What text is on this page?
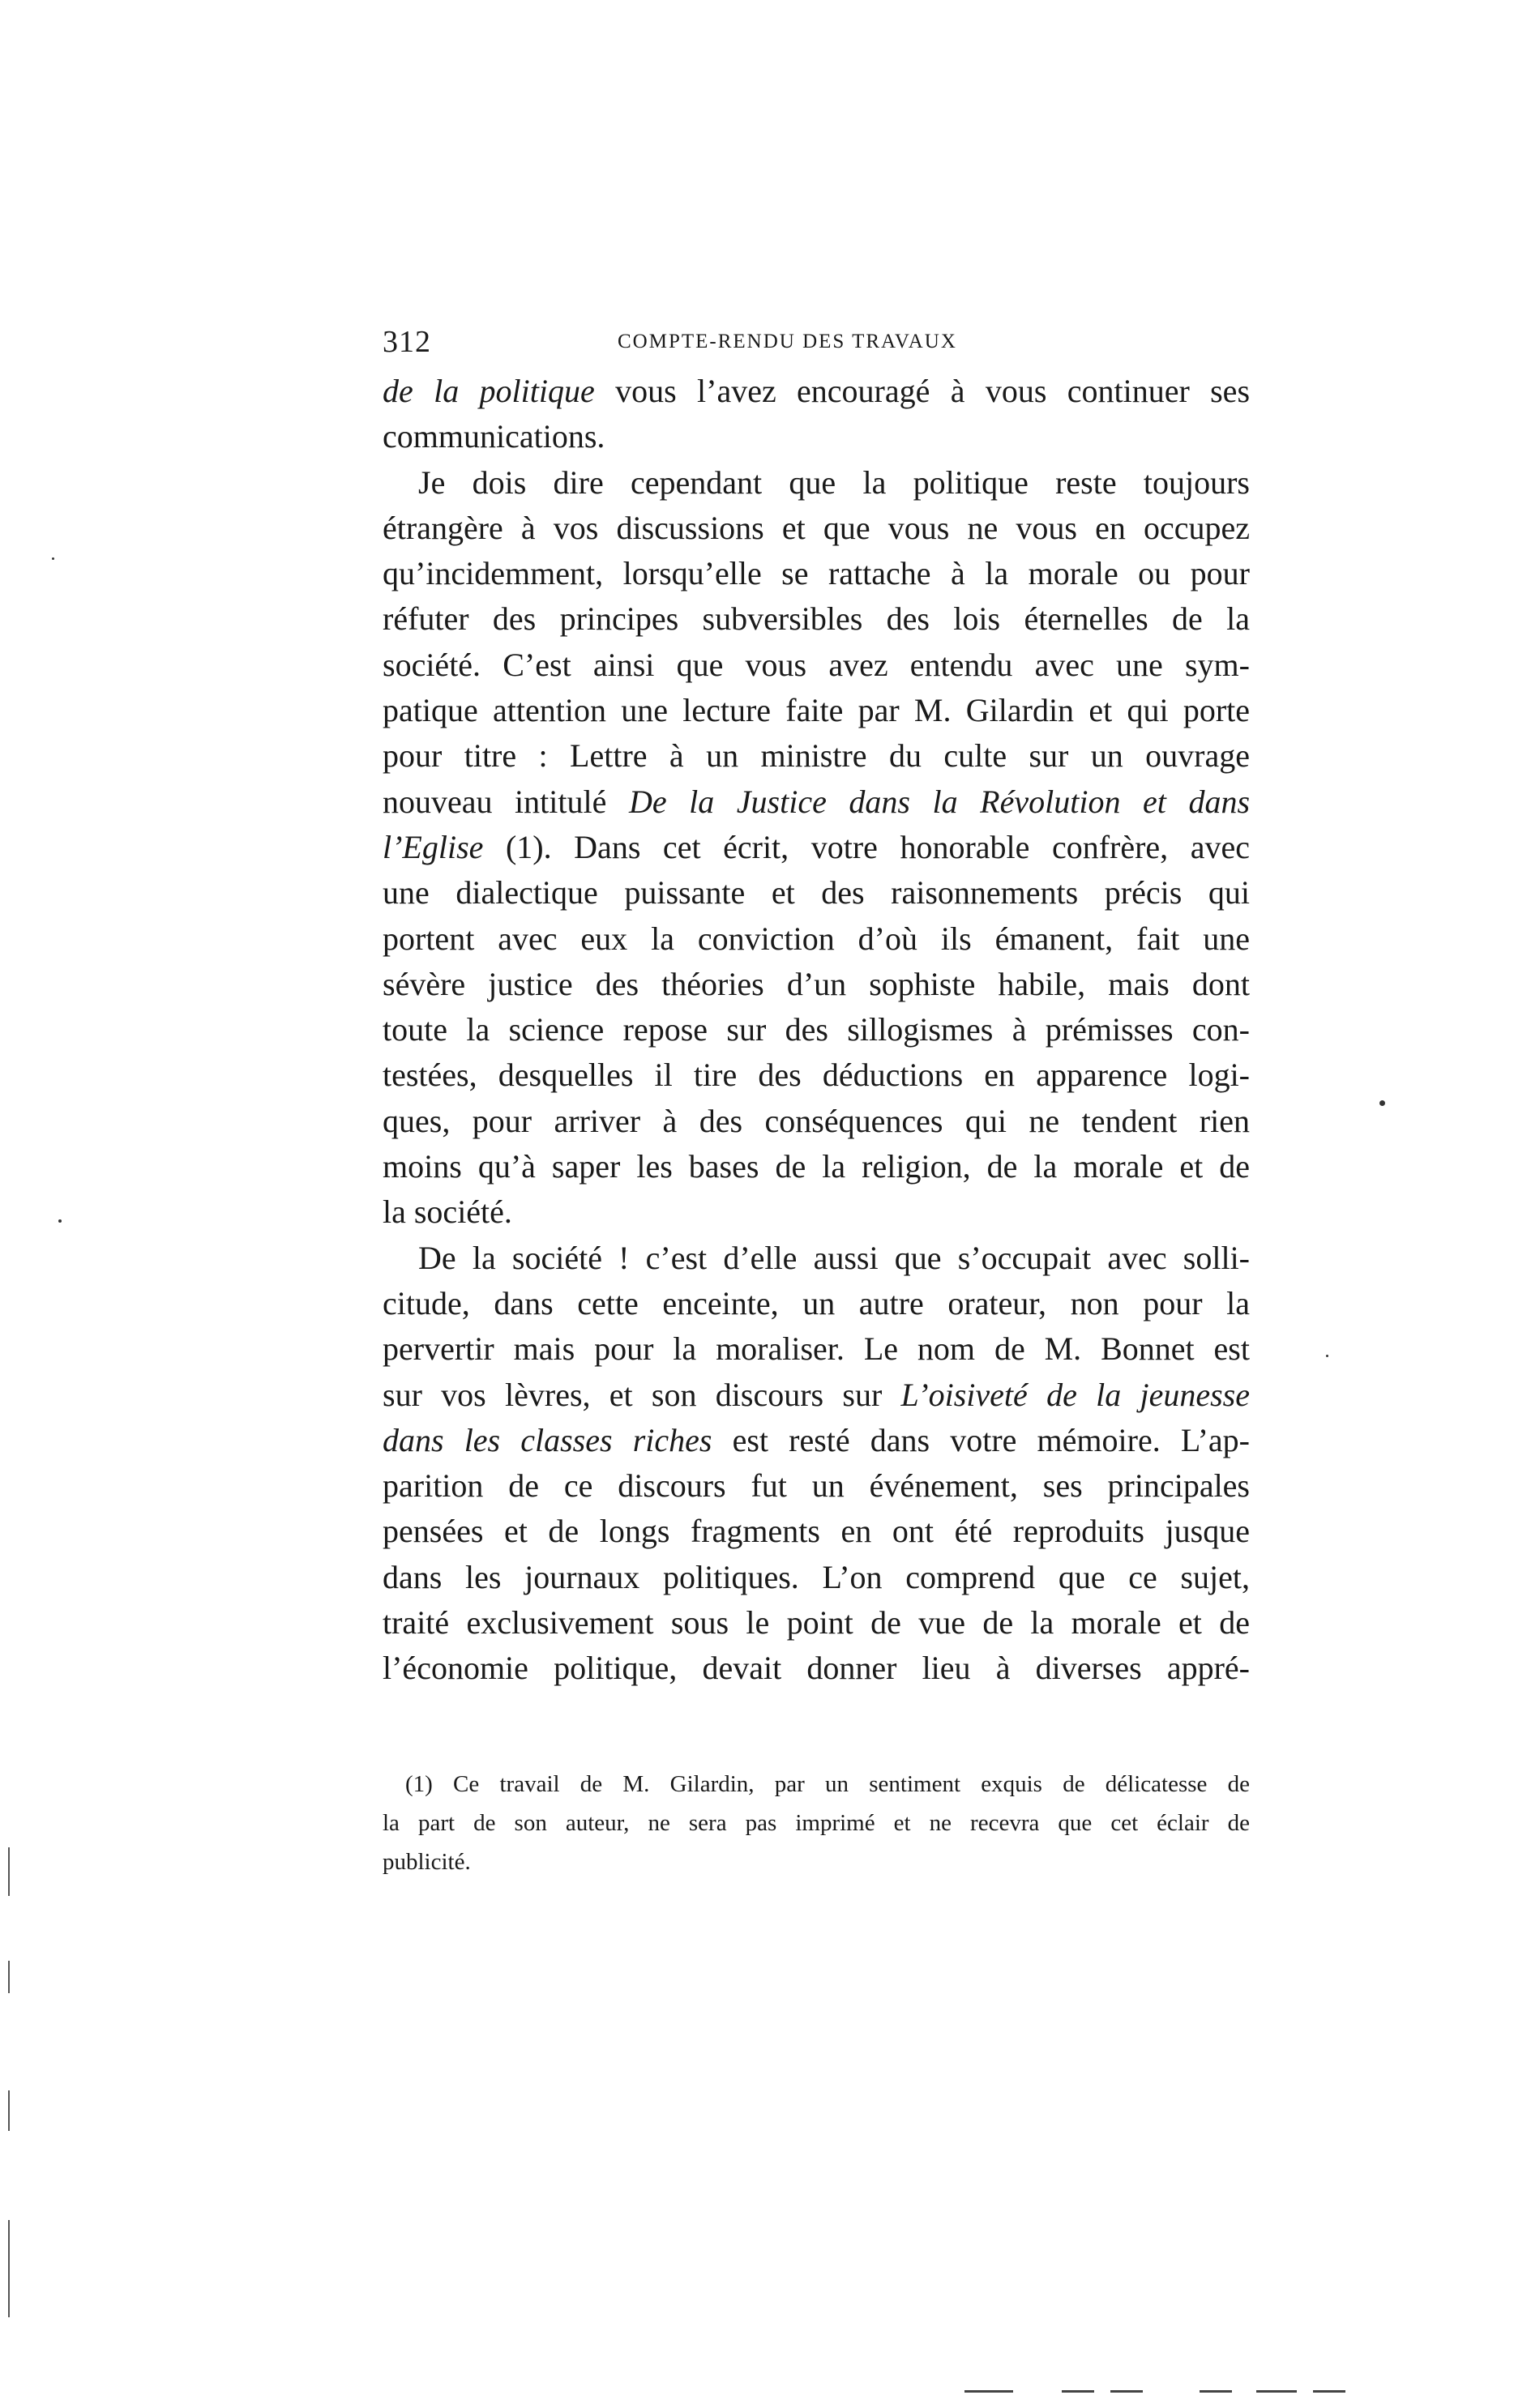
312	COMPTE-RENDU DES TRAVAUX
de la politique vous l’avez encouragé à vous continuer ses
communications.
Je dois dire cependant que la politique reste toujours
étrangère à vos discussions et que vous ne vous en occupez
qu’incidemment, lorsqu’elle se rattache à la morale ou pour
réfuter des principes subversibles des lois éternelles de la
société. C’est ainsi que vous avez entendu avec une sym-
patique attention une lecture faite par M. Gilardin et qui porte
pour titre : Lettre à un ministre du culte sur un ouvrage
nouveau intitulé De la Justice dans la Révolution et dans
l’Eglise (1). Dans cet écrit, votre honorable confrère, avec
une dialectique puissante et des raisonnements précis qui
portent avec eux la conviction d’où ils émanent, fait une
sévère justice des théories d’un sophiste habile, mais dont
toute la science repose sur des sillogismes à prémisses con-
testées, desquelles il tire des déductions en apparence logi-
ques, pour arriver à des conséquences qui ne tendent rien
moins qu’à saper les bases de la religion, de la morale et de
la société.
De la société ! c’est d’elle aussi que s’occupait avec solli-
citude, dans cette enceinte, un autre orateur, non pour la
pervertir mais pour la moraliser. Le nom de M. Bonnet est
sur vos lèvres, et son discours sur L’oisiveté de la jeunesse
dans les classes riches est resté dans votre mémoire. L’ap-
parition de ce discours fut un événement, ses principales
pensées et de longs fragments en ont été reproduits jusque
dans les journaux politiques. L’on comprend que ce sujet,
traité exclusivement sous le point de vue de la morale et de
l’économie politique, devait donner lieu à diverses appré-
(1) Ce travail de M. Gilardin, par un sentiment exquis de délicatesse de
la part de son auteur, ne sera pas imprimé et ne recevra que cet éclair de
publicité.
